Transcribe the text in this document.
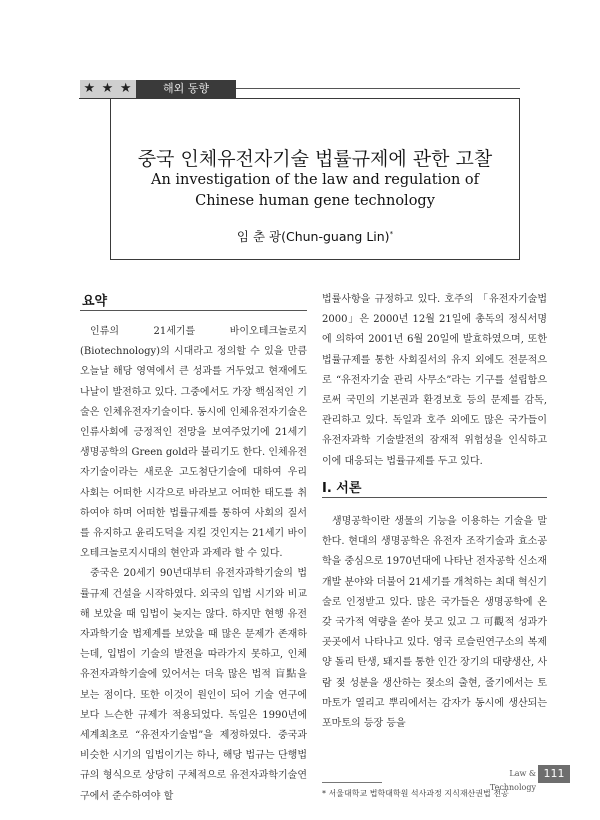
★ ★ ★	해외 동향
중국 인체유전자기술 법률규제에 관한 고찰
An investigation of the law and regulation of Chinese human gene technology
임 춘 광(Chun-guang Lin)*
요약

인류의 21세기를 바이오테크놀로지(Biotechnology)의 시대라고 정의할 수 있을 만큼 오늘날 해당 영역에서 큰 성과를 거두었고 현재에도 나날이 발전하고 있다. 그중에서도 가장 핵심적인 기술은 인체유전자기술이다. 동시에 인체유전자기술은 인류사회에 긍정적인 전망을 보여주었기에 21세기 생명공학의 Green gold라 불리기도 한다. 인체유전자기술이라는 새로운 고도첨단기술에 대하여 우리 사회는 어떠한 시각으로 바라보고 어떠한 태도를 취하여야 하며 어떠한 법률규제를 통하여 사회의 질서를 유지하고 윤리도덕을 지킬 것인지는 21세기 바이오테크놀로지시대의 현안과 과제라 할 수 있다.

중국은 20세기 90년대부터 유전자과학기술의 법률규제 건설을 시작하였다. 외국의 입법 시기와 비교해 보았을 때 입법이 늦지는 않다. 하지만 현행 유전자과학기술 법제계를 보았을 때 많은 문제가 존재하는데, 입법이 기술의 발전을 따라가지 못하고, 인체유전자과학기술에 있어서는 더욱 많은 법적 盲點을 보는 점이다. 또한 이것이 원인이 되어 기술 연구에 보다 느슨한 규제가 적용되었다. 독일은 1990년에 세계최초로 “유전자기술법”을 제정하였다. 중국과 비슷한 시기의 입법이기는 하나, 해당 법규는 단행법규의 형식으로 상당히 구체적으로 유전자과학기술연구에서 준수하여야 할

법률사항을 규정하고 있다. 호주의 「유전자기술법 2000」은 2000년 12월 21일에 총독의 정식서명에 의하여 2001년 6월 20일에 발효하였으며, 또한 법률규제를 통한 사회질서의 유지 외에도 전문적으로 “유전자기술 관리 사무소”라는 기구를 설립함으로써 국민의 기본권과 환경보호 등의 문제를 감독, 관리하고 있다. 독일과 호주 외에도 많은 국가들이 유전자과학 기술발전의 잠재적 위험성을 인식하고 이에 대응되는 법률규제를 두고 있다.

Ⅰ. 서론

생명공학이란 생물의 기능을 이용하는 기술을 말한다. 현대의 생명공학은 유전자 조작기술과 효소공학을 중심으로 1970년대에 나타난 전자공학 신소재 개발 분야와 더불어 21세기를 개척하는 최대 혁신기술로 인정받고 있다. 많은 국가들은 생명공학에 온갖 국가적 역량을 쏟아 붓고 있고 그 可觀적 성과가 곳곳에서 나타나고 있다. 영국 로슬린연구소의 복제 양 돌리 탄생, 돼지를 통한 인간 장기의 대량생산, 사람 젖 성분을 생산하는 젖소의 출현, 줄기에서는 토마토가 열리고 뿌리에서는 감자가 동시에 생산되는 포마토의 등장 등을

* 서울대학교 법학대학원 석사과정 지식재산권법 전공
Law & Technology
111
